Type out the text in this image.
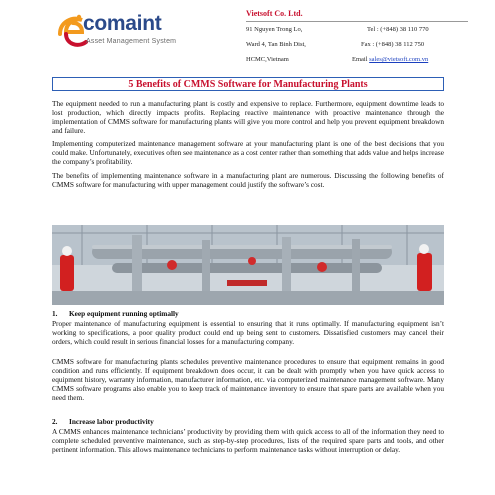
comaint
Asset Management System
Vietsoft Co. Ltd.
91 Nguyen Trong Lo,
Ward 4, Tan Binh Dist,
HCMC,Vietnam
Tel : (+848) 38 110 770
Fax : (+848) 38 112 750
Email sales@vietsoft.com.vn
5 Benefits of CMMS Software for Manufacturing Plants
The equipment needed to run a manufacturing plant is costly and expensive to replace. Furthermore, equipment downtime leads to lost production, which directly impacts profits. Replacing reactive maintenance with proactive maintenance through the implementation of CMMS software for manufacturing plants will give you more control and help you prevent equipment breakdown and failure.
Implementing computerized maintenance management software at your manufacturing plant is one of the best decisions that you could make. Unfortunately, executives often see maintenance as a cost center rather than something that adds value and helps increase the company’s profitability.
The benefits of implementing maintenance software in a manufacturing plant are numerous. Discussing the following benefits of CMMS software for manufacturing with upper management could justify the software’s cost.
1. Keep equipment running optimally
Proper maintenance of manufacturing equipment is essential to ensuring that it runs optimally. If manufacturing equipment isn’t working to specifications, a poor quality product could end up being sent to customers. Dissatisfied customers may cancel their orders, which could result in serious financial losses for a manufacturing company.
CMMS software for manufacturing plants schedules preventive maintenance procedures to ensure that equipment remains in good condition and runs efficiently. If equipment breakdown does occur, it can be dealt with promptly when you have quick access to equipment history, warranty information, manufacturer information, etc. via computerized maintenance management software. Many CMMS software programs also enable you to keep track of maintenance inventory to ensure that spare parts are available when you need them.
2. Increase labor productivity
A CMMS enhances maintenance technicians’ productivity by providing them with quick access to all of the information they need to complete scheduled preventive maintenance, such as step-by-step procedures, lists of the required spare parts and tools, and other pertinent information. This allows maintenance technicians to perform maintenance tasks without interruption or delay.
